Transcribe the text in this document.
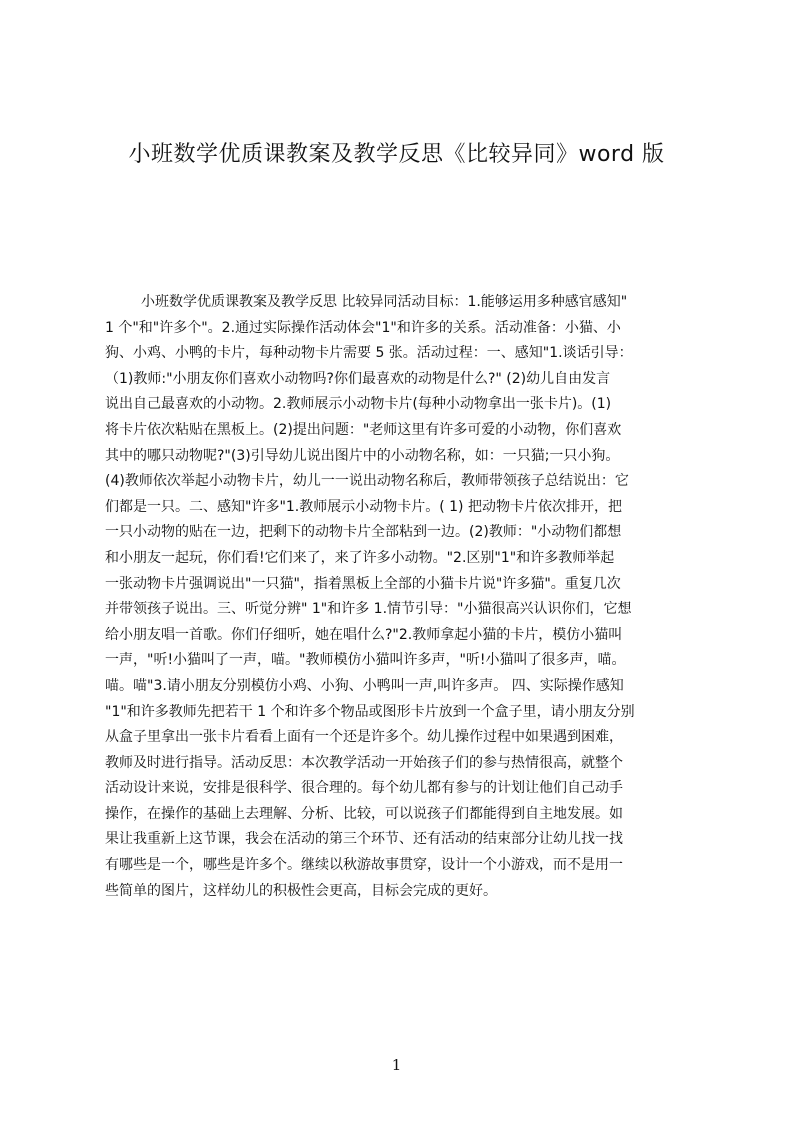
小班数学优质课教案及教学反思《比较异同》word 版
小班数学优质课教案及教学反思 比较异同活动目标：1.能够运用多种感官感知"
1 个"和"许多个"。2.通过实际操作活动体会"1"和许多的关系。活动准备：小猫、小
狗、小鸡、小鸭的卡片，每种动物卡片需要 5 张。活动过程：一、感知"1.谈话引导：
（1)教师:"小朋友你们喜欢小动物吗?你们最喜欢的动物是什么?" (2)幼儿自由发言
说出自己最喜欢的小动物。2.教师展示小动物卡片(每种小动物拿出一张卡片)。(1)
将卡片依次粘贴在黑板上。(2)提出问题："老师这里有许多可爱的小动物，你们喜欢
其中的哪只动物呢?"(3)引导幼儿说出图片中的小动物名称，如：一只猫;一只小狗。
(4)教师依次举起小动物卡片，幼儿一一说出动物名称后，教师带领孩子总结说出：它
们都是一只。二、感知"许多"1.教师展示小动物卡片。( 1) 把动物卡片依次排开，把
一只小动物的贴在一边，把剩下的动物卡片全部粘到一边。(2)教师："小动物们都想
和小朋友一起玩，你们看!它们来了，来了许多小动物。"2.区别"1"和许多教师举起
一张动物卡片强调说出"一只猫"，指着黑板上全部的小猫卡片说"许多猫"。重复几次
并带领孩子说出。三、听觉分辨" 1"和许多 1.情节引导："小猫很高兴认识你们，它想
给小朋友唱一首歌。你们仔细听，她在唱什么?"2.教师拿起小猫的卡片，模仿小猫叫
一声，"听!小猫叫了一声，喵。"教师模仿小猫叫许多声，"听!小猫叫了很多声，喵。
喵。喵"3.请小朋友分别模仿小鸡、小狗、小鸭叫一声,叫许多声。 四、实际操作感知
"1"和许多教师先把若干 1 个和许多个物品或图形卡片放到一个盒子里，请小朋友分别
从盒子里拿出一张卡片看看上面有一个还是许多个。幼儿操作过程中如果遇到困难，
教师及时进行指导。活动反思：本次教学活动一开始孩子们的参与热情很高，就整个
活动设计来说，安排是很科学、很合理的。每个幼儿都有参与的计划让他们自己动手
操作，在操作的基础上去理解、分析、比较，可以说孩子们都能得到自主地发展。如
果让我重新上这节课，我会在活动的第三个环节、还有活动的结束部分让幼儿找一找
有哪些是一个，哪些是许多个。继续以秋游故事贯穿，设计一个小游戏，而不是用一
些简单的图片，这样幼儿的积极性会更高，目标会完成的更好。
1
